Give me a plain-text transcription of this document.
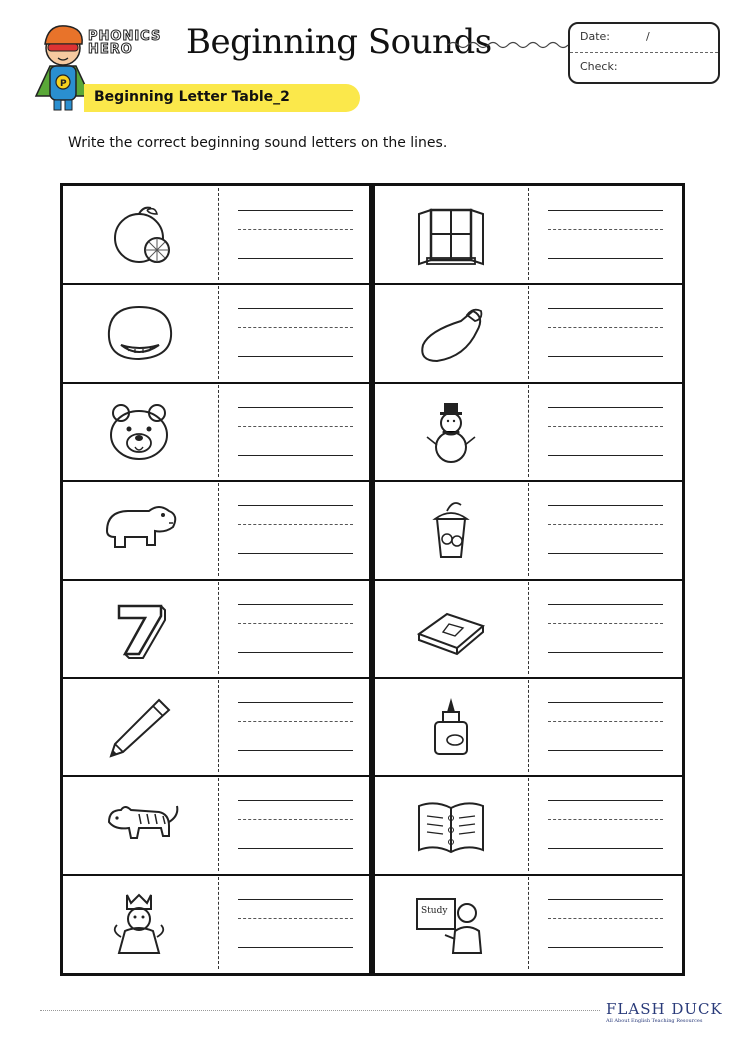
P
PHONICS
HERO	Beginning Sounds	Date:	/
Check:
Beginning Letter Table_2
Write the correct beginning sound letters on the lines.
FLASH DUCK
All About English Teaching Resources
Study
